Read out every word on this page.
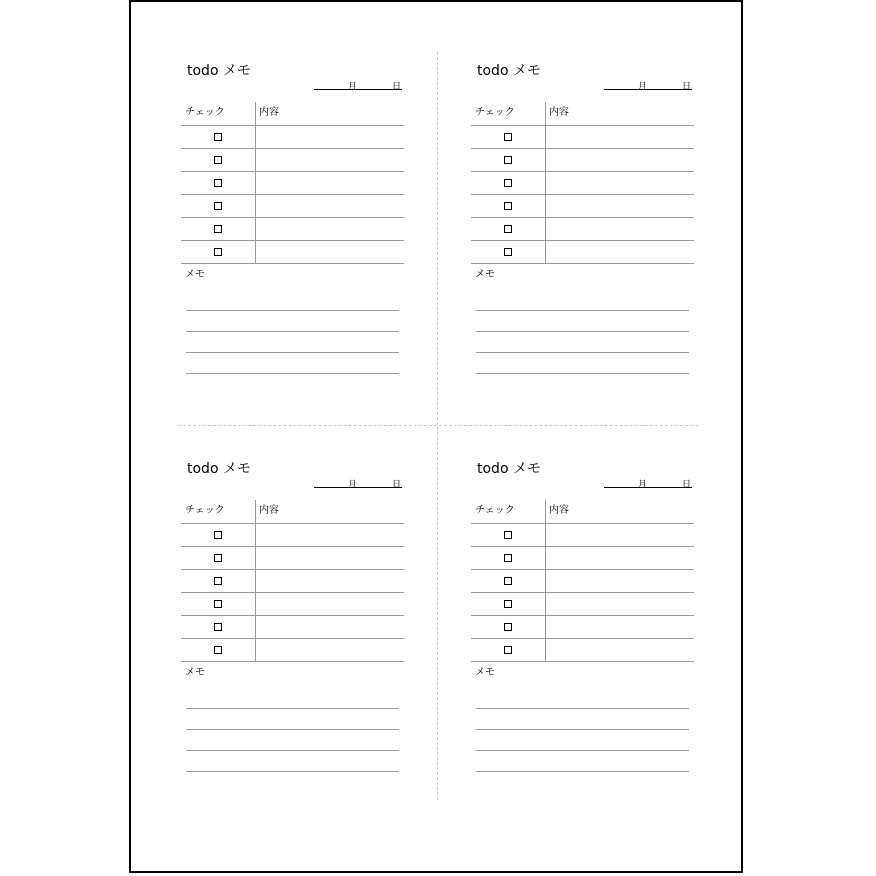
todo メモ
月	日
チェック	内容
メモ
todo メモ
月	日
チェック	内容
メモ
todo メモ
月	日
チェック	内容
メモ
todo メモ
月	日
チェック	内容
メモ
